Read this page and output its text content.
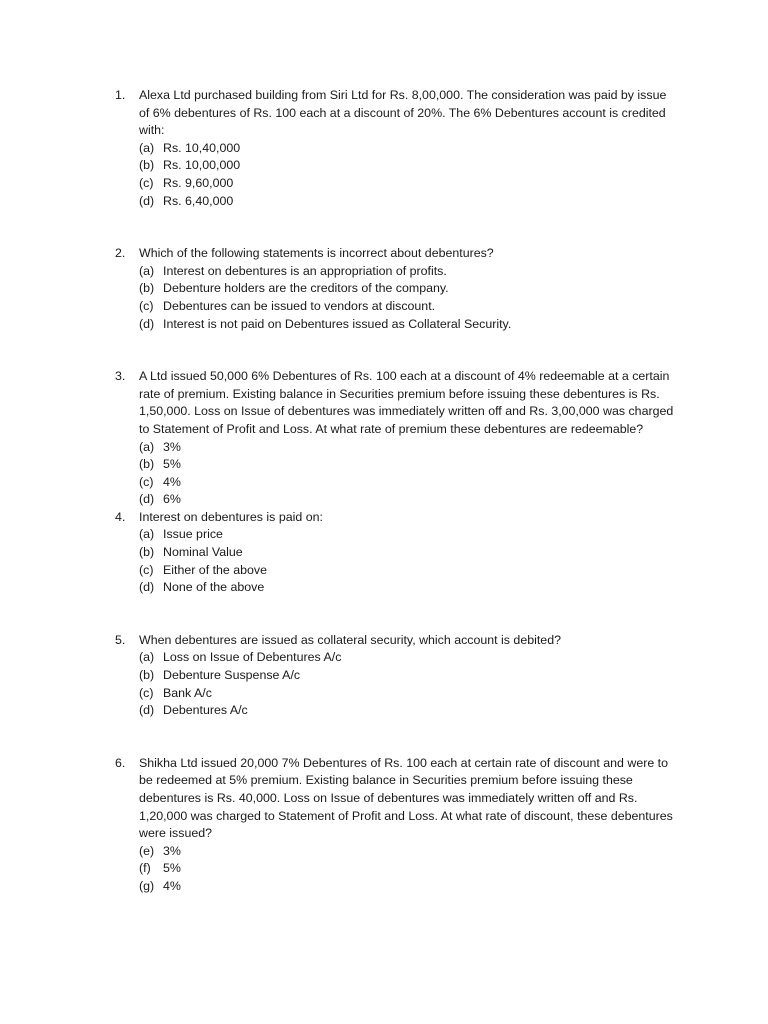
1. Alexa Ltd purchased building from Siri Ltd for Rs. 8,00,000. The consideration was paid by issue of 6% debentures of Rs. 100 each at a discount of 20%. The 6% Debentures account is credited with:
(a) Rs. 10,40,000
(b) Rs. 10,00,000
(c) Rs. 9,60,000
(d) Rs. 6,40,000
2. Which of the following statements is incorrect about debentures?
(a) Interest on debentures is an appropriation of profits.
(b) Debenture holders are the creditors of the company.
(c) Debentures can be issued to vendors at discount.
(d) Interest is not paid on Debentures issued as Collateral Security.
3. A Ltd issued 50,000 6% Debentures of Rs. 100 each at a discount of 4% redeemable at a certain rate of premium. Existing balance in Securities premium before issuing these debentures is Rs. 1,50,000. Loss on Issue of debentures was immediately written off and Rs. 3,00,000 was charged to Statement of Profit and Loss. At what rate of premium these debentures are redeemable?
(a) 3%
(b) 5%
(c) 4%
(d) 6%
4. Interest on debentures is paid on:
(a) Issue price
(b) Nominal Value
(c) Either of the above
(d) None of the above
5. When debentures are issued as collateral security, which account is debited?
(a) Loss on Issue of Debentures A/c
(b) Debenture Suspense A/c
(c) Bank A/c
(d) Debentures A/c
6. Shikha Ltd issued 20,000 7% Debentures of Rs. 100 each at certain rate of discount and were to be redeemed at 5% premium. Existing balance in Securities premium before issuing these debentures is Rs. 40,000. Loss on Issue of debentures was immediately written off and Rs. 1,20,000 was charged to Statement of Profit and Loss. At what rate of discount, these debentures were issued?
(e) 3%
(f) 5%
(g) 4%
